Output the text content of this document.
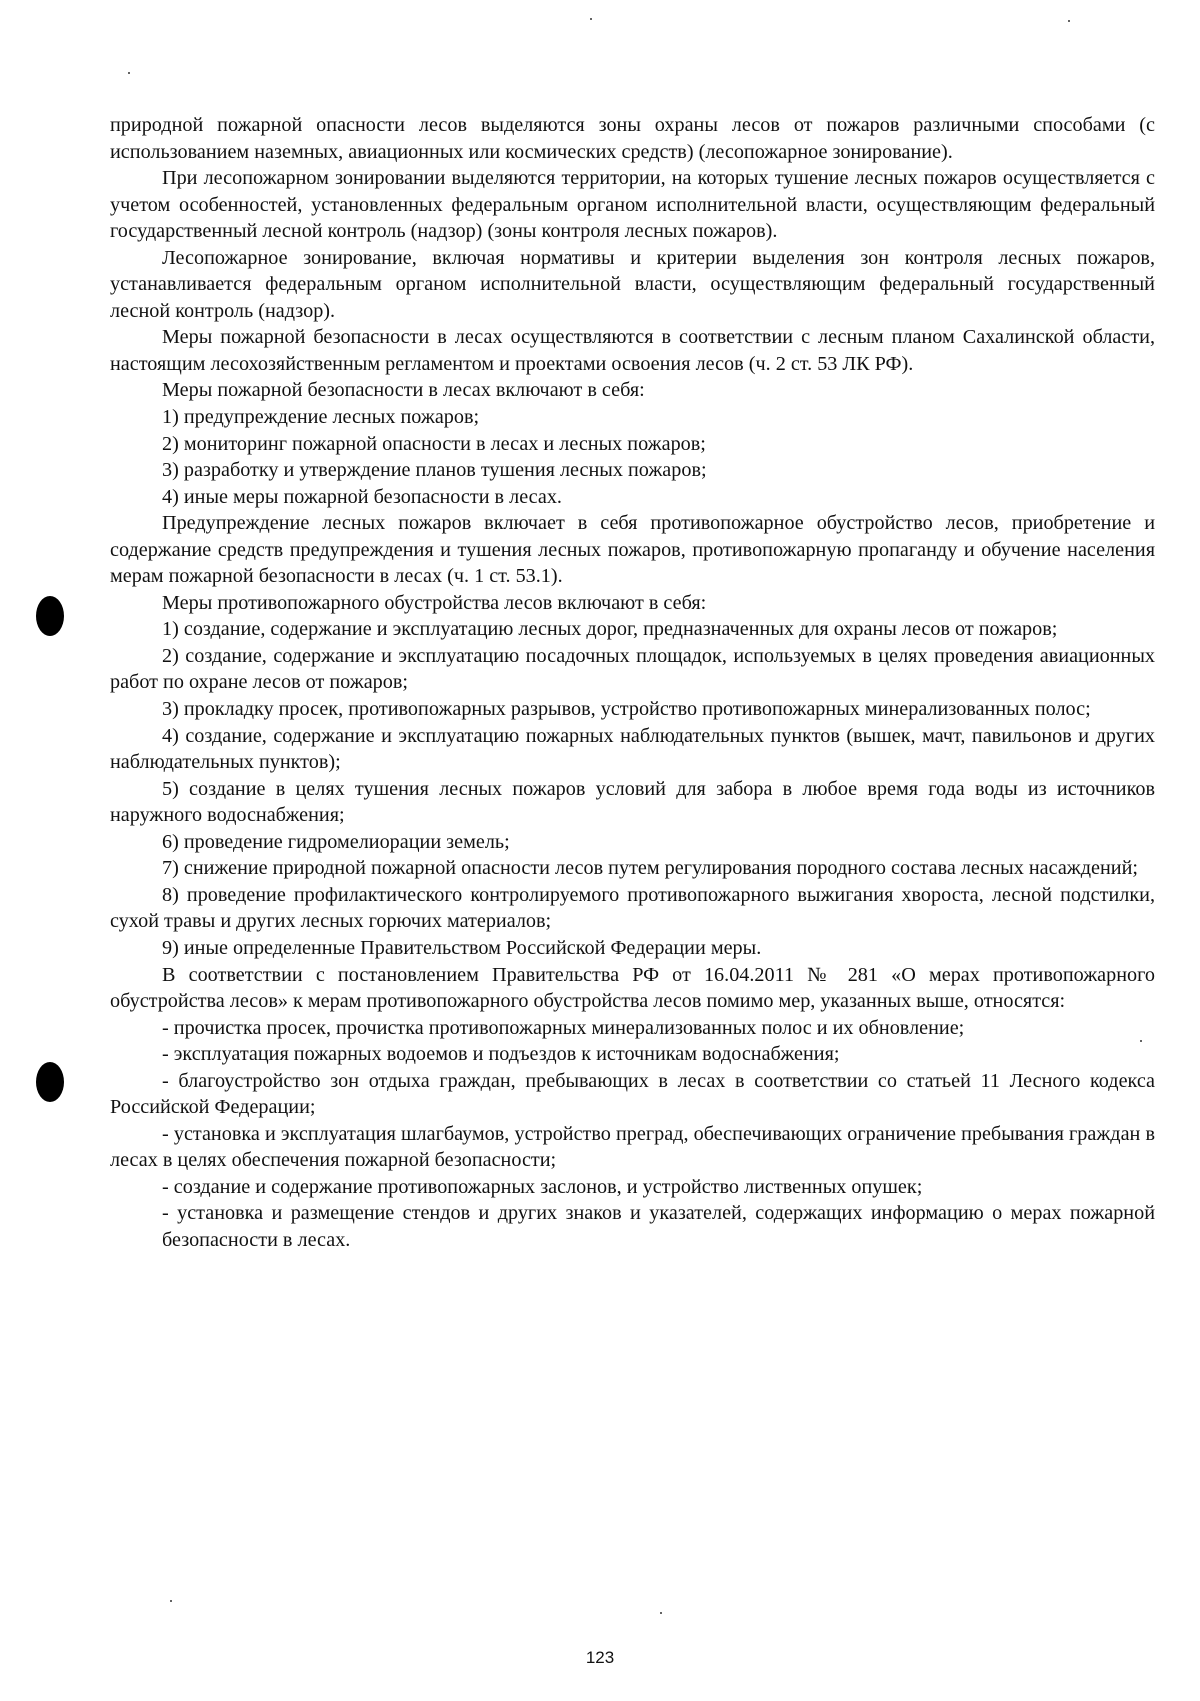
природной пожарной опасности лесов выделяются зоны охраны лесов от пожаров различными способами (с использованием наземных, авиационных или космических средств) (лесопожарное зонирование).

При лесопожарном зонировании выделяются территории, на которых тушение лесных пожаров осуществляется с учетом особенностей, установленных федеральным органом исполнительной власти, осуществляющим федеральный государственный лесной контроль (надзор) (зоны контроля лесных пожаров).

Лесопожарное зонирование, включая нормативы и критерии выделения зон контроля лесных пожаров, устанавливается федеральным органом исполнительной власти, осуществляющим федеральный государственный лесной контроль (надзор).

Меры пожарной безопасности в лесах осуществляются в соответствии с лесным планом Сахалинской области, настоящим лесохозяйственным регламентом и проектами освоения лесов (ч. 2 ст. 53 ЛК РФ).

Меры пожарной безопасности в лесах включают в себя:

1) предупреждение лесных пожаров;

2) мониторинг пожарной опасности в лесах и лесных пожаров;

3) разработку и утверждение планов тушения лесных пожаров;

4) иные меры пожарной безопасности в лесах.

Предупреждение лесных пожаров включает в себя противопожарное обустройство лесов, приобретение и содержание средств предупреждения и тушения лесных пожаров, противопожарную пропаганду и обучение населения мерам пожарной безопасности в лесах (ч. 1 ст. 53.1).

Меры противопожарного обустройства лесов включают в себя:

1) создание, содержание и эксплуатацию лесных дорог, предназначенных для охраны лесов от пожаров;

2) создание, содержание и эксплуатацию посадочных площадок, используемых в целях проведения авиационных работ по охране лесов от пожаров;

3) прокладку просек, противопожарных разрывов, устройство противопожарных минерализованных полос;

4) создание, содержание и эксплуатацию пожарных наблюдательных пунктов (вышек, мачт, павильонов и других наблюдательных пунктов);

5) создание в целях тушения лесных пожаров условий для забора в любое время года воды из источников наружного водоснабжения;

6) проведение гидромелиорации земель;

7) снижение природной пожарной опасности лесов путем регулирования породного состава лесных насаждений;

8) проведение профилактического контролируемого противопожарного выжигания хвороста, лесной подстилки, сухой травы и других лесных горючих материалов;

9) иные определенные Правительством Российской Федерации меры.

В соответствии с постановлением Правительства РФ от 16.04.2011 № 281 «О мерах противопожарного обустройства лесов» к мерам противопожарного обустройства лесов помимо мер, указанных выше, относятся:

- прочистка просек, прочистка противопожарных минерализованных полос и их обновление;

- эксплуатация пожарных водоемов и подъездов к источникам водоснабжения;

- благоустройство зон отдыха граждан, пребывающих в лесах в соответствии со статьей 11 Лесного кодекса Российской Федерации;

- установка и эксплуатация шлагбаумов, устройство преград, обеспечивающих ограничение пребывания граждан в лесах в целях обеспечения пожарной безопасности;

- создание и содержание противопожарных заслонов, и устройство лиственных опушек;

- установка и размещение стендов и других знаков и указателей, содержащих информацию о мерах пожарной безопасности в лесах.

123
